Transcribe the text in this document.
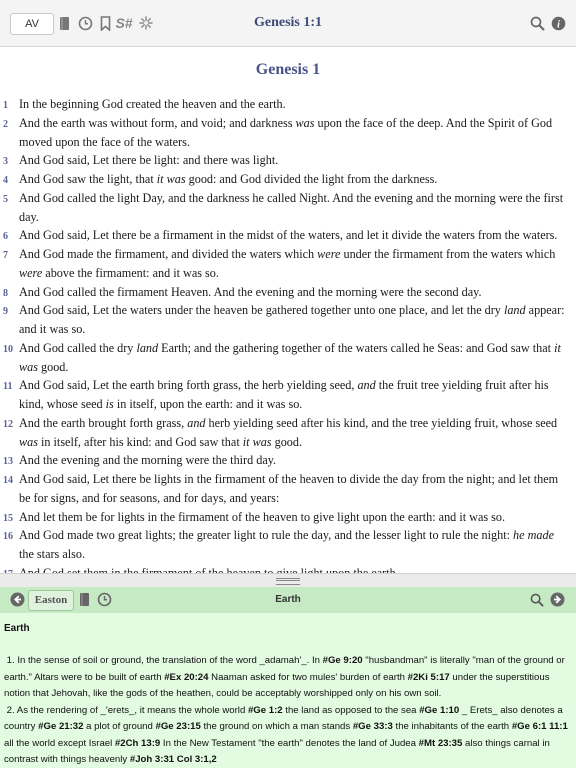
AV	S#	Genesis 1:1	i
Genesis 1
1 In the beginning God created the heaven and the earth.
2 And the earth was without form, and void; and darkness was upon the face of the deep. And the Spirit of God moved upon the face of the waters.
3 And God said, Let there be light: and there was light.
4 And God saw the light, that it was good: and God divided the light from the darkness.
5 And God called the light Day, and the darkness he called Night. And the evening and the morning were the first day.
6 And God said, Let there be a firmament in the midst of the waters, and let it divide the waters from the waters.
7 And God made the firmament, and divided the waters which were under the firmament from the waters which were above the firmament: and it was so.
8 And God called the firmament Heaven. And the evening and the morning were the second day.
9 And God said, Let the waters under the heaven be gathered together unto one place, and let the dry land appear: and it was so.
10 And God called the dry land Earth; and the gathering together of the waters called he Seas: and God saw that it was good.
11 And God said, Let the earth bring forth grass, the herb yielding seed, and the fruit tree yielding fruit after his kind, whose seed is in itself, upon the earth: and it was so.
12 And the earth brought forth grass, and herb yielding seed after his kind, and the tree yielding fruit, whose seed was in itself, after his kind: and God saw that it was good.
13 And the evening and the morning were the third day.
14 And God said, Let there be lights in the firmament of the heaven to divide the day from the night; and let them be for signs, and for seasons, and for days, and years:
15 And let them be for lights in the firmament of the heaven to give light upon the earth: and it was so.
16 And God made two great lights; the greater light to rule the day, and the lesser light to rule the night: he made the stars also.
Easton	Earth
Earth
1. In the sense of soil or ground, the translation of the word _adamah'_. In #Ge 9:20 "husbandman" is literally "man of the ground or earth." Altars were to be built of earth #Ex 20:24 Naaman asked for two mules' burden of earth #2Ki 5:17 under the superstitious notion that Jehovah, like the gods of the heathen, could be acceptably worshipped only on his own soil.
2. As the rendering of _'erets_, it means the whole world #Ge 1:2 the land as opposed to the sea #Ge 1:10 _ Erets_ also denotes a country #Ge 21:32 a plot of ground #Ge 23:15 the ground on which a man stands #Ge 33:3 the inhabitants of the earth #Ge 6:1 11:1 all the world except Israel #2Ch 13:9 In the New Testament "the earth" denotes the land of Judea #Mt 23:35 also things carnal in contrast with things heavenly #Joh 3:31 Col 3:1,2
